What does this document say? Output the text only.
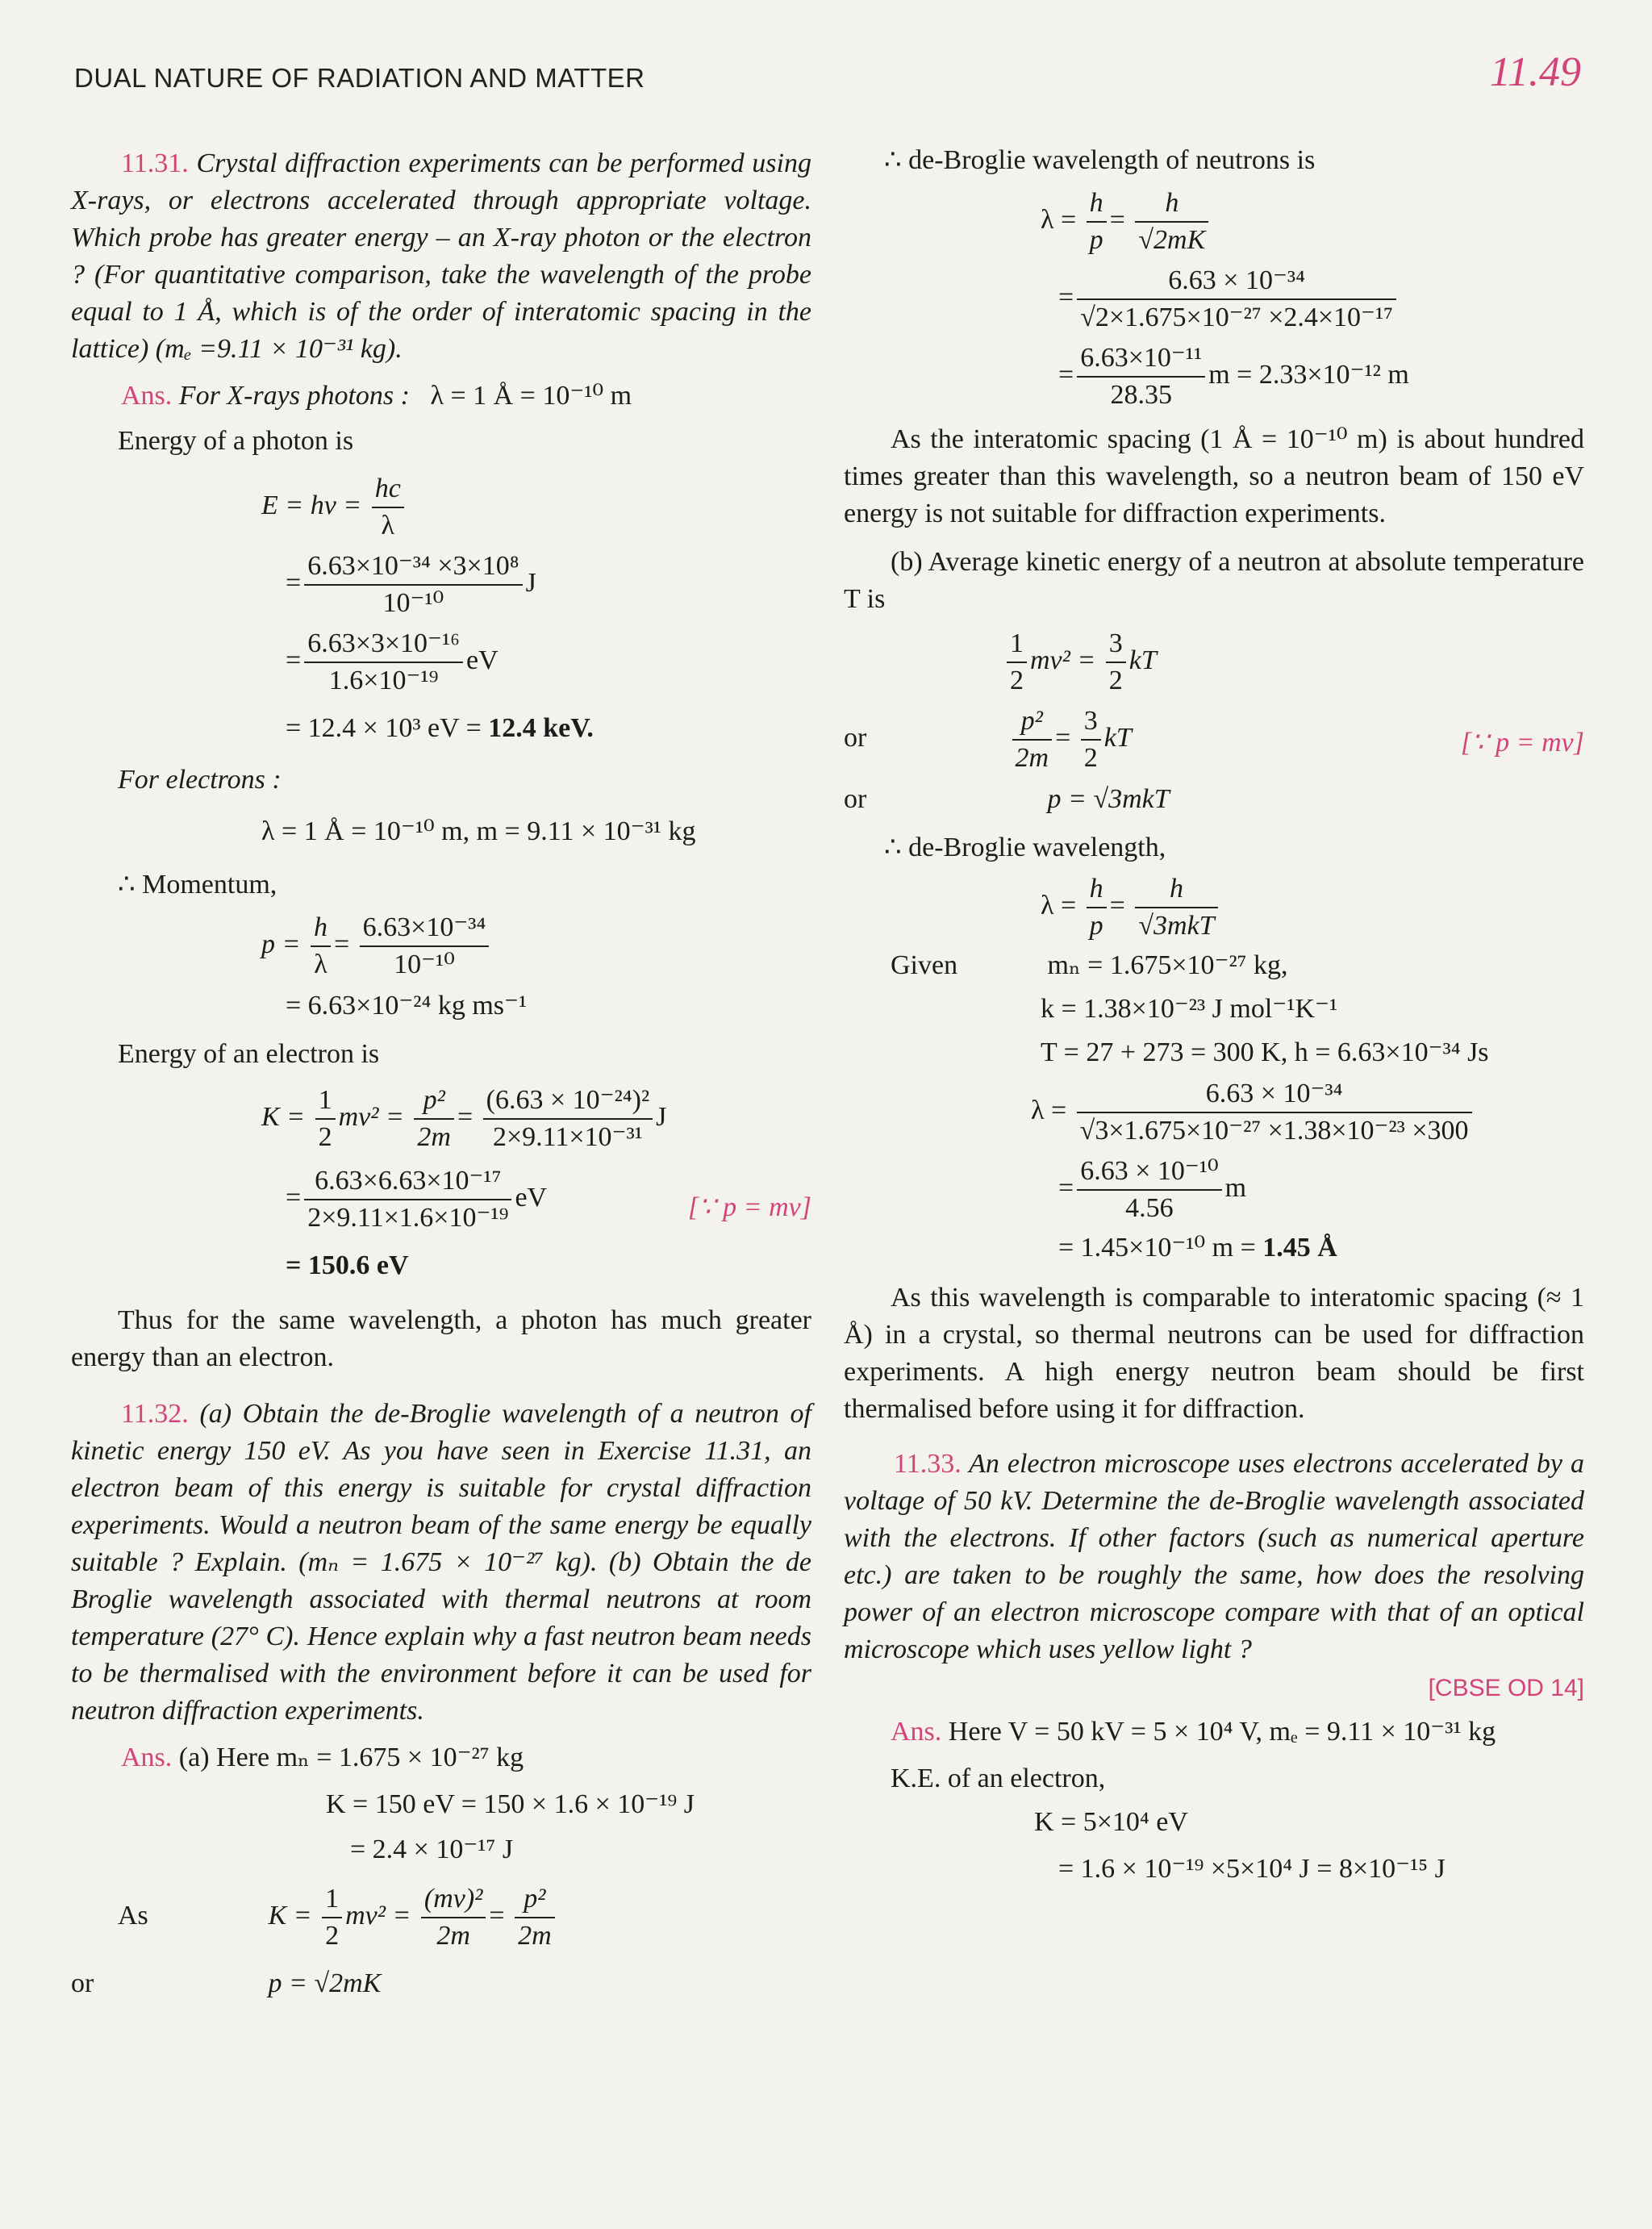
DUAL NATURE OF RADIATION AND MATTER	11.49

11.31. Crystal diffraction experiments can be performed using X-rays, or electrons accelerated through appropriate voltage. Which probe has greater energy – an X-ray photon or the electron ? (For quantitative comparison, take the wavelength of the probe equal to 1 Å, which is of the order of interatomic spacing in the lattice) (mₑ =9.11 × 10⁻³¹ kg).

Ans. For X-rays photons : λ = 1 Å = 10⁻¹⁰ m
Energy of a photon is
$E = h\nu = \frac{hc}{\lambda}$
= $\frac{\text{6.63×10⁻³⁴ ×3×10⁸}}{\text{10⁻¹⁰}}$ J
= $\frac{\text{6.63×3×10⁻¹⁶}}{\text{1.6×10⁻¹⁹}}$ eV
= 12.4 × 10³ eV = 12.4 keV.
For electrons :
λ = 1 Å = 10⁻¹⁰ m, m = 9.11 × 10⁻³¹ kg
∴ Momentum,
$p = \frac{h}{\lambda} = \frac{\text{6.63×10⁻³⁴}}{\text{10⁻¹⁰}}$
= 6.63×10⁻²⁴ kg ms⁻¹
Energy of an electron is
$K = \frac{1}{2} mv^2 = \frac{\text{p²}}{2m} = \frac{\text{(6.63 × 10⁻²⁴)²}}{\text{2×9.11×10⁻³¹}}$ J
= $\frac{\text{6.63×6.63×10⁻¹⁷}}{\text{2×9.11×1.6×10⁻¹⁹}}$ eV	[∵ p = mv]
= 150.6 eV

Thus for the same wavelength, a photon has much greater energy than an electron.

11.32. (a) Obtain the de-Broglie wavelength of a neutron of kinetic energy 150 eV. As you have seen in Exercise 11.31, an electron beam of this energy is suitable for crystal diffraction experiments. Would a neutron beam of the same energy be equally suitable ? Explain. (mₙ = 1.675 × 10⁻²⁷ kg). (b) Obtain the de Broglie wavelength associated with thermal neutrons at room temperature (27° C). Hence explain why a fast neutron beam needs to be thermalised with the environment before it can be used for neutron diffraction experiments.

Ans. (a) Here mₙ = 1.675 × 10⁻²⁷ kg
K = 150 eV = 150 × 1.6 × 10⁻¹⁹ J
= 2.4 × 10⁻¹⁷ J
As	$K = \frac{1}{2} mv^2 = \frac{\text{(mv)²}}{2m} = \frac{\text{p²}}{2m}$
or	p = √2mK
∴ de-Broglie wavelength of neutrons is
$\lambda = \frac{h}{p} = \frac{h}{√2mK}$
= $\frac{\text{6.63 × 10⁻³⁴}}{\text{√2×1.675×10⁻²⁷ ×2.4×10⁻¹⁷}}$
= $\frac{\text{6.63×10⁻¹¹}}{28.35}$ m = 2.33×10⁻¹² m

As the interatomic spacing (1 Å = 10⁻¹⁰ m) is about hundred times greater than this wavelength, so a neutron beam of 150 eV energy is not suitable for diffraction experiments.

(b) Average kinetic energy of a neutron at absolute temperature T is

$\frac{1}{2} mv^2 = \frac{3}{2}$ kT
or	$\frac{\text{p²}}{2m} = \frac{3}{2}$ kT	[∵ p = mv]
or	p = √3mkT
∴ de-Broglie wavelength,
$\lambda = \frac{h}{p} = \frac{h}{\text{√3mkT}}$
Given	mₙ = 1.675×10⁻²⁷ kg,
k = 1.38×10⁻²³ J mol⁻¹K⁻¹
T = 27 + 273 = 300 K, h = 6.63×10⁻³⁴ Js
$\lambda = \frac{\text{6.63 × 10⁻³⁴}}{\text{√3×1.675×10⁻²⁷ ×1.38×10⁻²³ ×300}}$
= $\frac{\text{6.63 × 10⁻¹⁰}}{4.56}$ m
= 1.45×10⁻¹⁰ m = 1.45 Å

As this wavelength is comparable to interatomic spacing (≈ 1 Å) in a crystal, so thermal neutrons can be used for diffraction experiments. A high energy neutron beam should be first thermalised before using it for diffraction.

11.33. An electron microscope uses electrons accelerated by a voltage of 50 kV. Determine the de-Broglie wavelength associated with the electrons. If other factors (such as numerical aperture etc.) are taken to be roughly the same, how does the resolving power of an electron microscope compare with that of an optical microscope which uses yellow light ?

[CBSE OD 14]
Ans. Here V = 50 kV = 5 × 10⁴ V, mₑ = 9.11 × 10⁻³¹ kg
K.E. of an electron,
K = 5×10⁴ eV
= 1.6 × 10⁻¹⁹ ×5×10⁴ J = 8×10⁻¹⁵ J
